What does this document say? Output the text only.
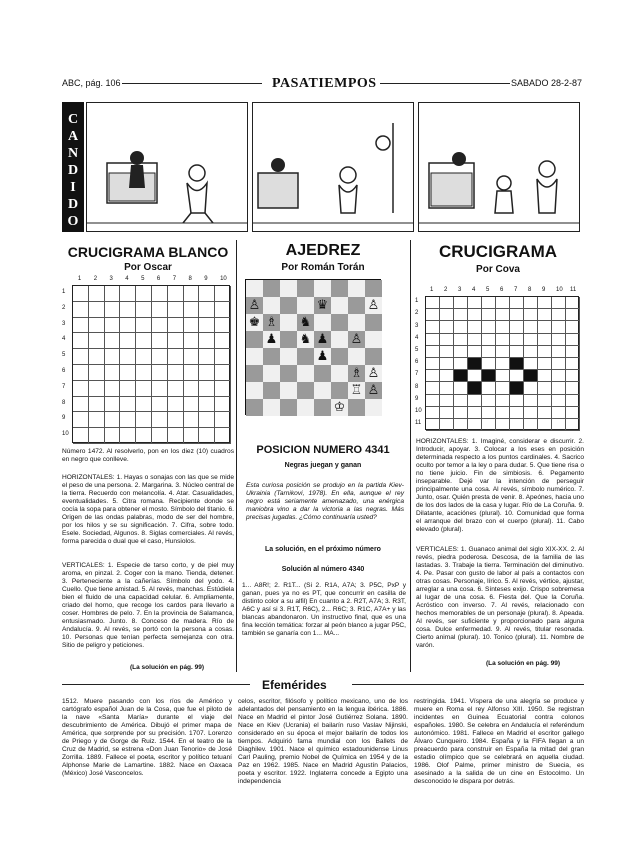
ABC, pág. 106	PASATIEMPOS	SABADO 28-2-87
C
A
N
D
I
D
O
CRUCIGRAMA BLANCO
Por Oscar
1 2 3 4 5 6 7 8 9 10
1
2
3
4
5
6
7
8
9
10
Número 1472. Al resolverlo, pon en los diez (10) cuadros en negro que conlleve.
HORIZONTALES: 1. Hayas o sonajas con las que se mide el peso de una persona. 2. Margarina. 3. Núcleo central de la tierra. Recuerdo con melancolía. 4. Atar. Casualidades, eventualidades. 5. Citra romana. Recipiente donde se cocía la sopa para obtener el mosto. Símbolo del titanio. 6. Origen de las ondas palabras, modo de ser del hombre, por los hilos y se su significación. 7. Cifra, sobre todo. Esele. Sociedad, Algunos. 8. Siglas comerciales. Al revés, forma parecida o dual que el caso, Hunsiolos.
VERTICALES: 1. Especie de tarso corto, y de piel muy aroma, en pinzal. 2. Coger con la mano. Tienda, detener. 3. Perteneciente a la cañerías. Símbolo del yodo. 4. Cuello. Que tiene amistad. 5. Al revés, manchas. Estúdiela bien el fluido de una capacidad celular. 6. Ampliamente, criado del horno, que recoge los cardos para llevarlo a coser. Hombres de pelo. 7. En la provincia de Salamanca, entusiasmado. Junto. 8. Conceso de madera. Río de Andalucía. 9. Al revés, se portó con la persona a cosas. 10. Personas que tenían perfecta semejanza con otra. Sitio de peligro y peticiones.
(La solución en pág. 99)
AJEDREZ
Por Román Torán
♙	♛	♙
♚ ♗ ♞
♟ ♞ ♟ ♙
♟
♗ ♙
♖ ♙
♔
POSICION NUMERO 4341
Negras juegan y ganan
Esta curiosa posición se produjo en la partida Kiev-Ukrainia (Tarnikovi, 1978). En ella, aunque el rey negro está seriamente amenazado, una enérgica maniobra vino a dar la victoria a las negras. Más precisas jugadas. ¿Cómo continuaría usted?
La solución, en el próximo número
Solución al número 4340
1... A8R!; 2. R1T... (Si 2. R1A, A7A; 3. P5C, PxP y ganan, pues ya no es PT, que concurrir en casilla de distinto color a su alfil) En cuanto a 2. R2T, A7A; 3. R3T, A6C y así si 3. R1T, R6C), 2... R6C; 3. R1C, A7A+ y las blancas abandonaron. Un instructivo final, que es una fina lección temática: forzar al peón blanco a jugar P5C, también se ganaría con 1... MA...
CRUCIGRAMA
Por Cova
1 2 3 4 5 6 7 8 9 10 11
1
2
3
4
5
6
7
8
9
10
11
HORIZONTALES: 1. Imaginé, considerar e discurrir. 2. Introducir, apoyar. 3. Colocar a los eses en posición determinada respecto a los puntos cardinales. 4. Sacrico oculto por temor a la ley o para dudar. 5. Que tiene risa o no tiene juicio. Fin de simbiosis. 6. Pegamento inseparable. Dejé var la intención de perseguir principalmente una cosa. Al revés, símbolo numérico. 7. Junto, osar. Quién presta de venir. 8. Apeónes, hacia uno de los dos lados de la casa y lugar. Río de La Coruña. 9. Dilatante, acaciónes (plural). 10. Comunidad que forma el arranque del brazo con el cuerpo (plural). 11. Cabo elevado (plural).
VERTICALES: 1. Guanaco animal del siglo XIX-XX. 2. Al revés, piedra poderosa. Descosa, de la familia de las lastadas. 3. Trabaje la tierra. Terminación del diminutivo. 4. Pe. Pasar con gusto de labor al país a contactos con otras cosas. Personaje, lírico. 5. Al revés, vértice, ajustar, arreglar a una cosa. 6. Sínteses exijo. Crispo sobremesa al lugar de una cosa. 6. Fiesta del. Que la Coruña. Acróstico con inverso. 7. Al revés, relacionado con hechos memorables de un personaje (plural). 8. Apeada. Al revés, ser suficiente y proporcionado para alguna cosa. Dulce enfermedad. 9. Al revés, titular resonada. Cierto animal (plural). 10. Tonico (plural). 11. Nombre de varón.
(La solución en pág. 99)
Efemérides
1512. Muere pasando con los ríos de Américo y cartógrafo español Juan de la Cosa, que fue el piloto de la nave «Santa María» durante el viaje del descubrimiento de América. Dibujó el primer mapa de América, que sorprende por su precisión. 1707. Lorenzo de Priego y de Gorge de Ruiz. 1544. En el teatro de la Cruz de Madrid, se estrena «Don Juan Tenorio» de José Zorrilla. 1889. Fallece el poeta, escritor y político tetuaní Alphonse Marie de Lamartine. 1882. Nace en Oaxaca (México) José Vasconcelos.
celos, escritor, filósofo y político mexicano, uno de los adelantados del pensamiento en la lengua ibérica. 1886. Nace en Madrid el pintor José Gutiérrez Solana. 1890. Nace en Kiev (Ucrania) el bailarín ruso Vaslav Nijinski, considerado en su época el mejor bailarín de todos los tiempos. Adquirió fama mundial con los Ballets de Diaghilev. 1901. Nace el químico estadounidense Linus Carl Pauling, premio Nobel de Química en 1954 y de la Paz en 1962. 1985. Nace en Madrid Agustín Palacios, poeta y escritor. 1922. Inglaterra concede a Egipto una independencia
restringida. 1941. Víspera de una alegría se produce y muere en Roma el rey Alfonso XIII. 1950. Se registran incidentes en Guinea Ecuatorial contra colonos españoles. 1980. Se celebra en Andalucía el referéndum autonómico. 1981. Fallece en Madrid el escritor gallego Álvaro Cunqueiro. 1984. España y la FIFA llegan a un preacuerdo para construir en España la mitad del gran estadio olímpico que se celebrará en aquella ciudad. 1986. Olof Palme, primer ministro de Suecia, es asesinado a la salida de un cine en Estocolmo. Un desconocido le dispara por detrás.
